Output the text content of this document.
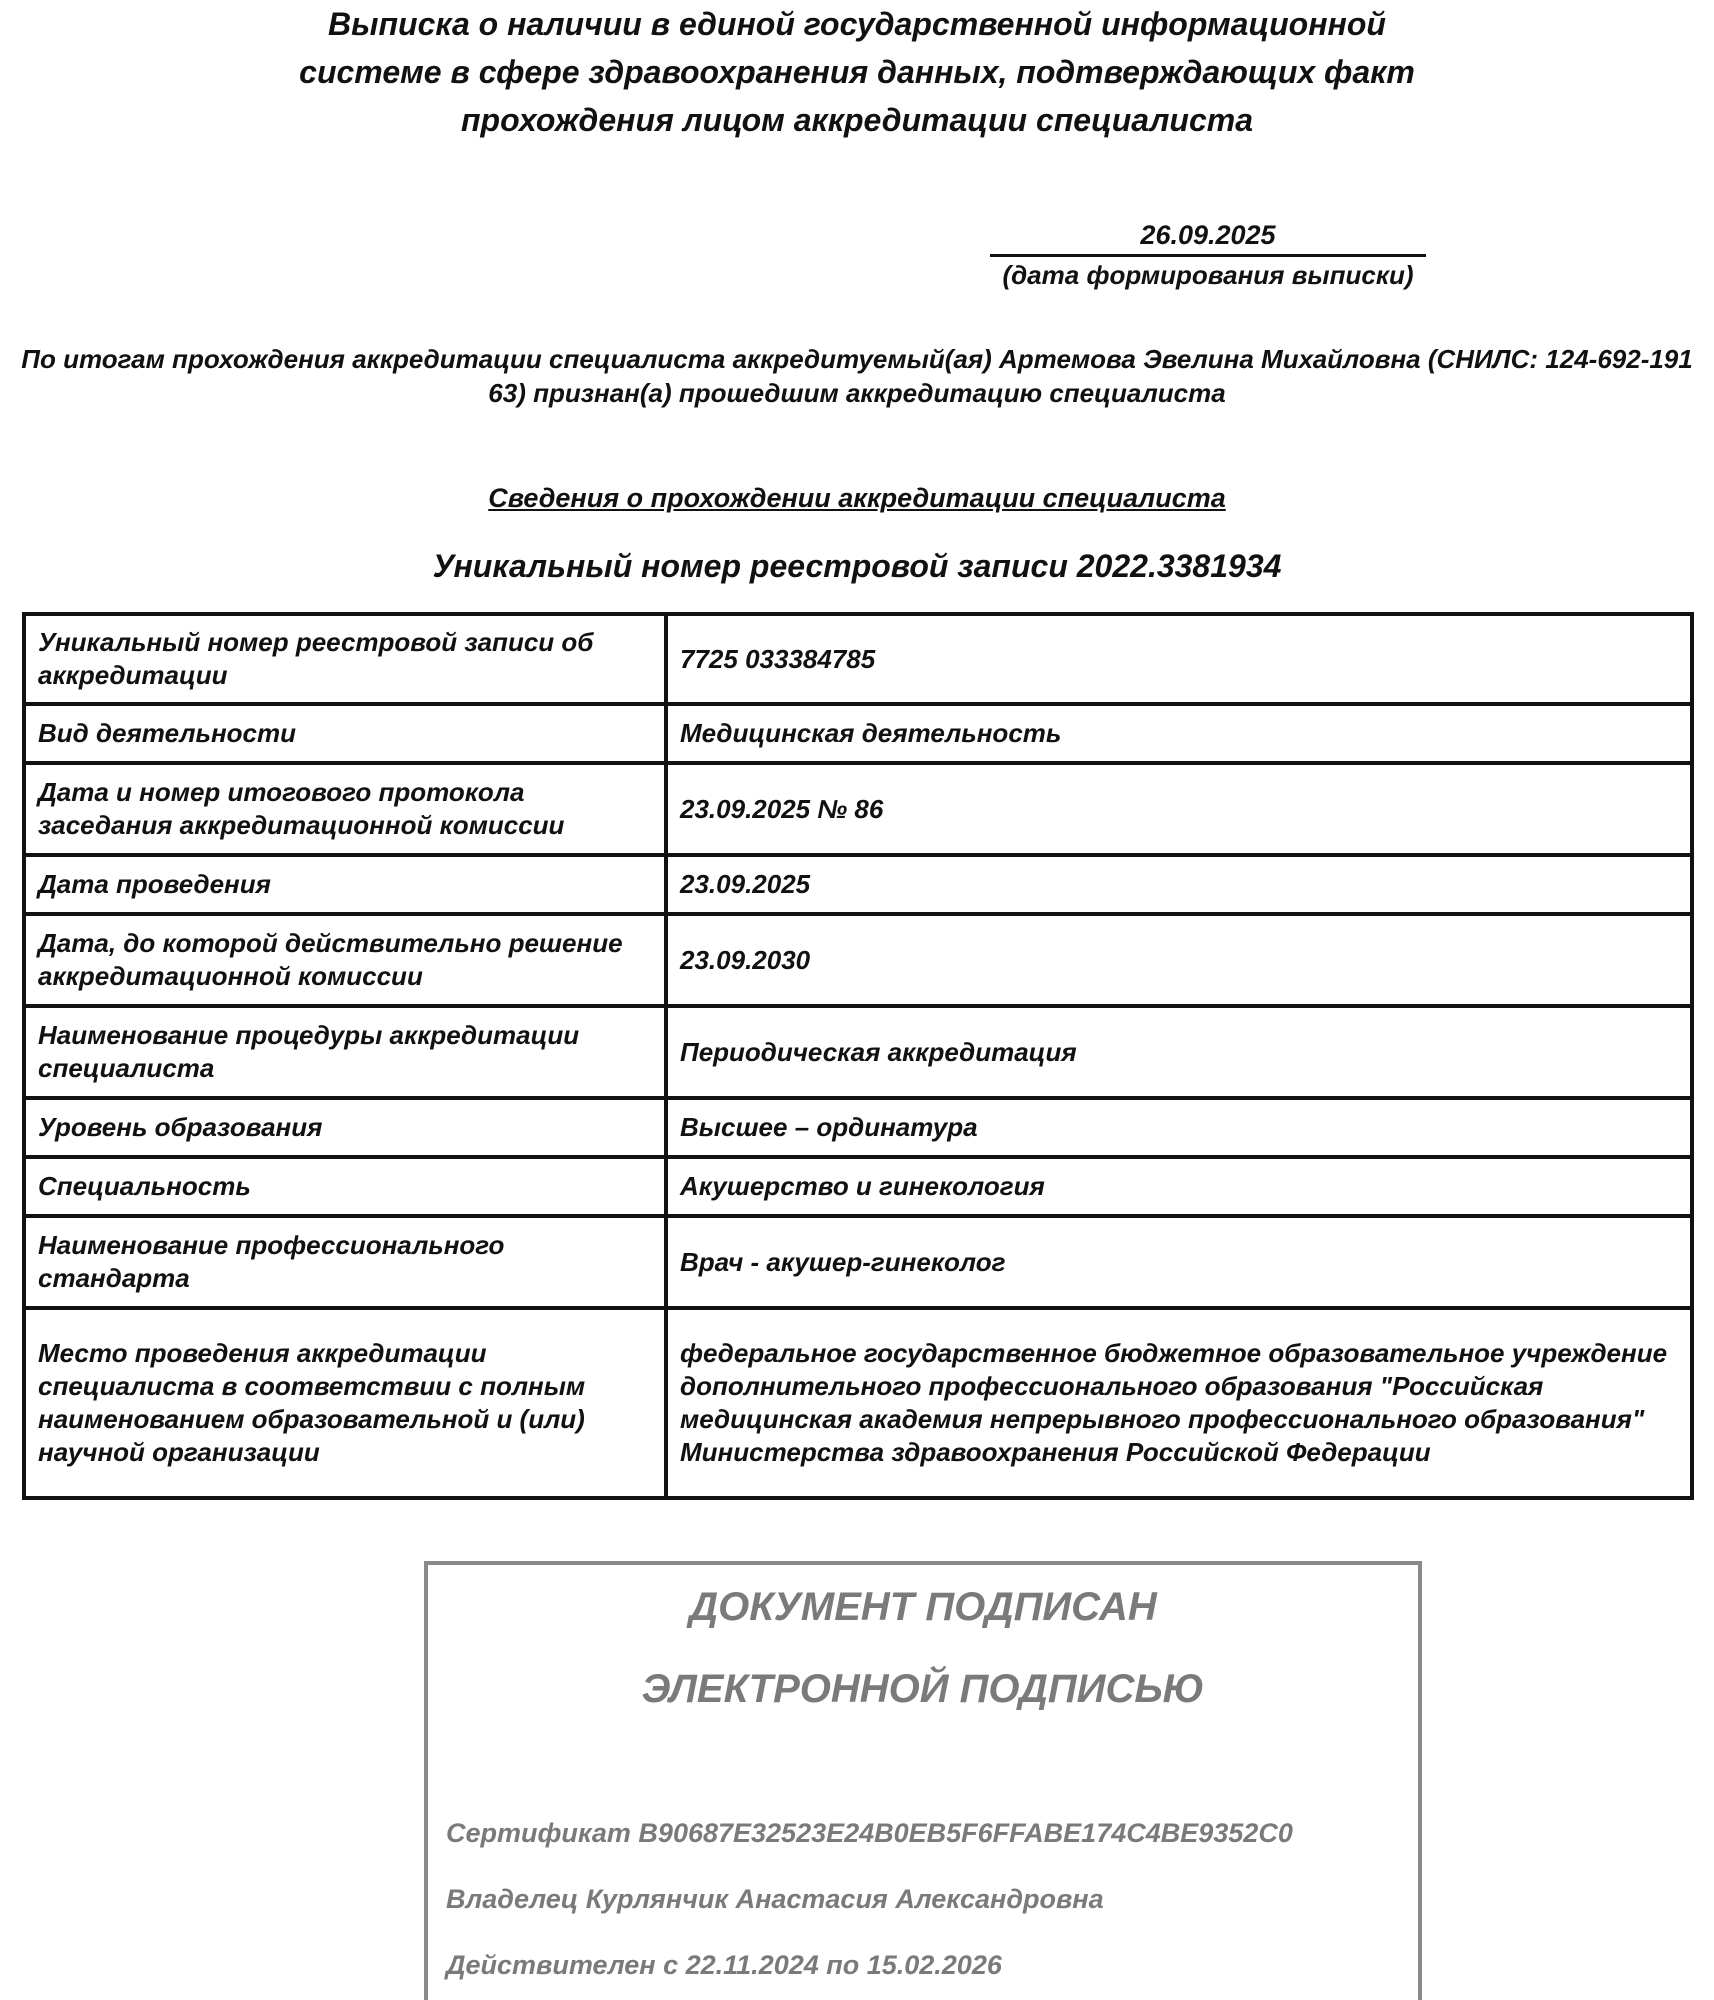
Выписка о наличии в единой государственной информационной
системе в сфере здравоохранения данных, подтверждающих факт
прохождения лицом аккредитации специалиста
26.09.2025
(дата формирования выписки)
По итогам прохождения аккредитации специалиста аккредитуемый(ая) Артемова Эвелина Михайловна (СНИЛС: 124-692-191 63) признан(а) прошедшим аккредитацию специалиста
Сведения о прохождении аккредитации специалиста
Уникальный номер реестровой записи 2022.3381934
Уникальный номер реестровой записи об аккредитации	7725 033384785
Вид деятельности	Медицинская деятельность
Дата и номер итогового протокола заседания аккредитационной комиссии	23.09.2025 № 86
Дата проведения	23.09.2025
Дата, до которой действительно решение аккредитационной комиссии	23.09.2030
Наименование процедуры аккредитации специалиста	Периодическая аккредитация
Уровень образования	Высшее – ординатура
Специальность	Акушерство и гинекология
Наименование профессионального стандарта	Врач - акушер-гинеколог
Место проведения аккредитации специалиста в соответствии с полным наименованием образовательной и (или) научной организации	федеральное государственное бюджетное образовательное учреждение дополнительного профессионального образования "Российская медицинская академия непрерывного профессионального образования" Министерства здравоохранения Российской Федерации
ДОКУМЕНТ ПОДПИСАН
ЭЛЕКТРОННОЙ ПОДПИСЬЮ
Сертификат B90687E32523E24B0EB5F6FFABE174C4BE9352C0
Владелец Курлянчик Анастасия Александровна
Действителен с 22.11.2024 по 15.02.2026
